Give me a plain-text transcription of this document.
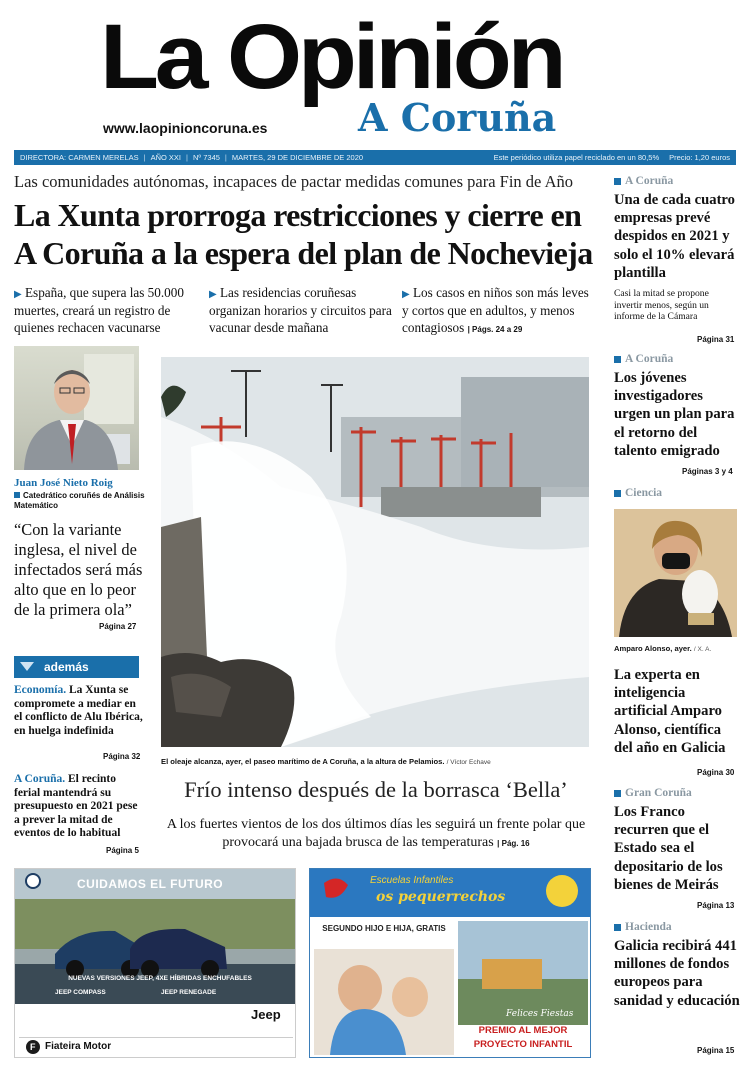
La Opinión
A Coruña
www.laopinioncoruna.es
DIRECTORA: CARMEN MERELAS | AÑO XXI | Nº 7345 | MARTES, 29 DE DICIEMBRE DE 2020	Este periódico utiliza papel reciclado en un 80,5% Precio: 1,20 euros
Las comunidades autónomas, incapaces de pactar medidas comunes para Fin de Año
La Xunta prorroga restricciones y cierre en A Coruña a la espera del plan de Nochevieja
▶ España, que supera las 50.000 muertes, creará un registro de quienes rechacen vacunarse
▶ Las residencias coruñesas organizan horarios y circuitos para vacunar desde mañana
▶ Los casos en niños son más leves y cortos que en adultos, y menos contagiosos | Págs. 24 a 29
Juan José Nieto Roig
Catedrático coruñés de Análisis Matemático
“Con la variante inglesa, el nivel de infectados será más alto que en lo peor de la primera ola”
Página 27
además
Economía. La Xunta se compromete a mediar en el conflicto de Alu Ibérica, en huelga indefinida
Página 32
A Coruña. El recinto ferial mantendrá su presupuesto en 2021 pese a prever la mitad de eventos de lo habitual
Página 5
El oleaje alcanza, ayer, el paseo marítimo de A Coruña, a la altura de Pelamios. / Víctor Echave
Frío intenso después de la borrasca ‘Bella’
A los fuertes vientos de los dos últimos días les seguirá un frente polar que provocará una bajada brusca de las temperaturas | Pág. 16
A Coruña
Una de cada cuatro empresas prevé despidos en 2021 y solo el 10% elevará plantilla
Casi la mitad se propone invertir menos, según un informe de la Cámara
Página 31
A Coruña
Los jóvenes investigadores urgen un plan para el retorno del talento emigrado
Páginas 3 y 4
Ciencia
Amparo Alonso, ayer. / X. A.
La experta en inteligencia artificial Amparo Alonso, científica del año en Galicia
Página 30
Gran Coruña
Los Franco recurren que el Estado sea el depositario de los bienes de Meirás
Página 13
Hacienda
Galicia recibirá 441 millones de fondos europeos para sanidad y educación
Página 15
F
CUIDAMOS EL FUTURO
NUEVAS VERSIONES JEEP, 4XE HÍBRIDAS ENCHUFABLES
JEEP COMPASS	JEEP RENEGADE
Jeep
Fiateira Motor
Escuelas Infantiles
os pequerrechos
SEGUNDO HIJO E HIJA, GRATIS
Felices Fiestas
PREMIO AL MEJOR
PROYECTO INFANTIL
